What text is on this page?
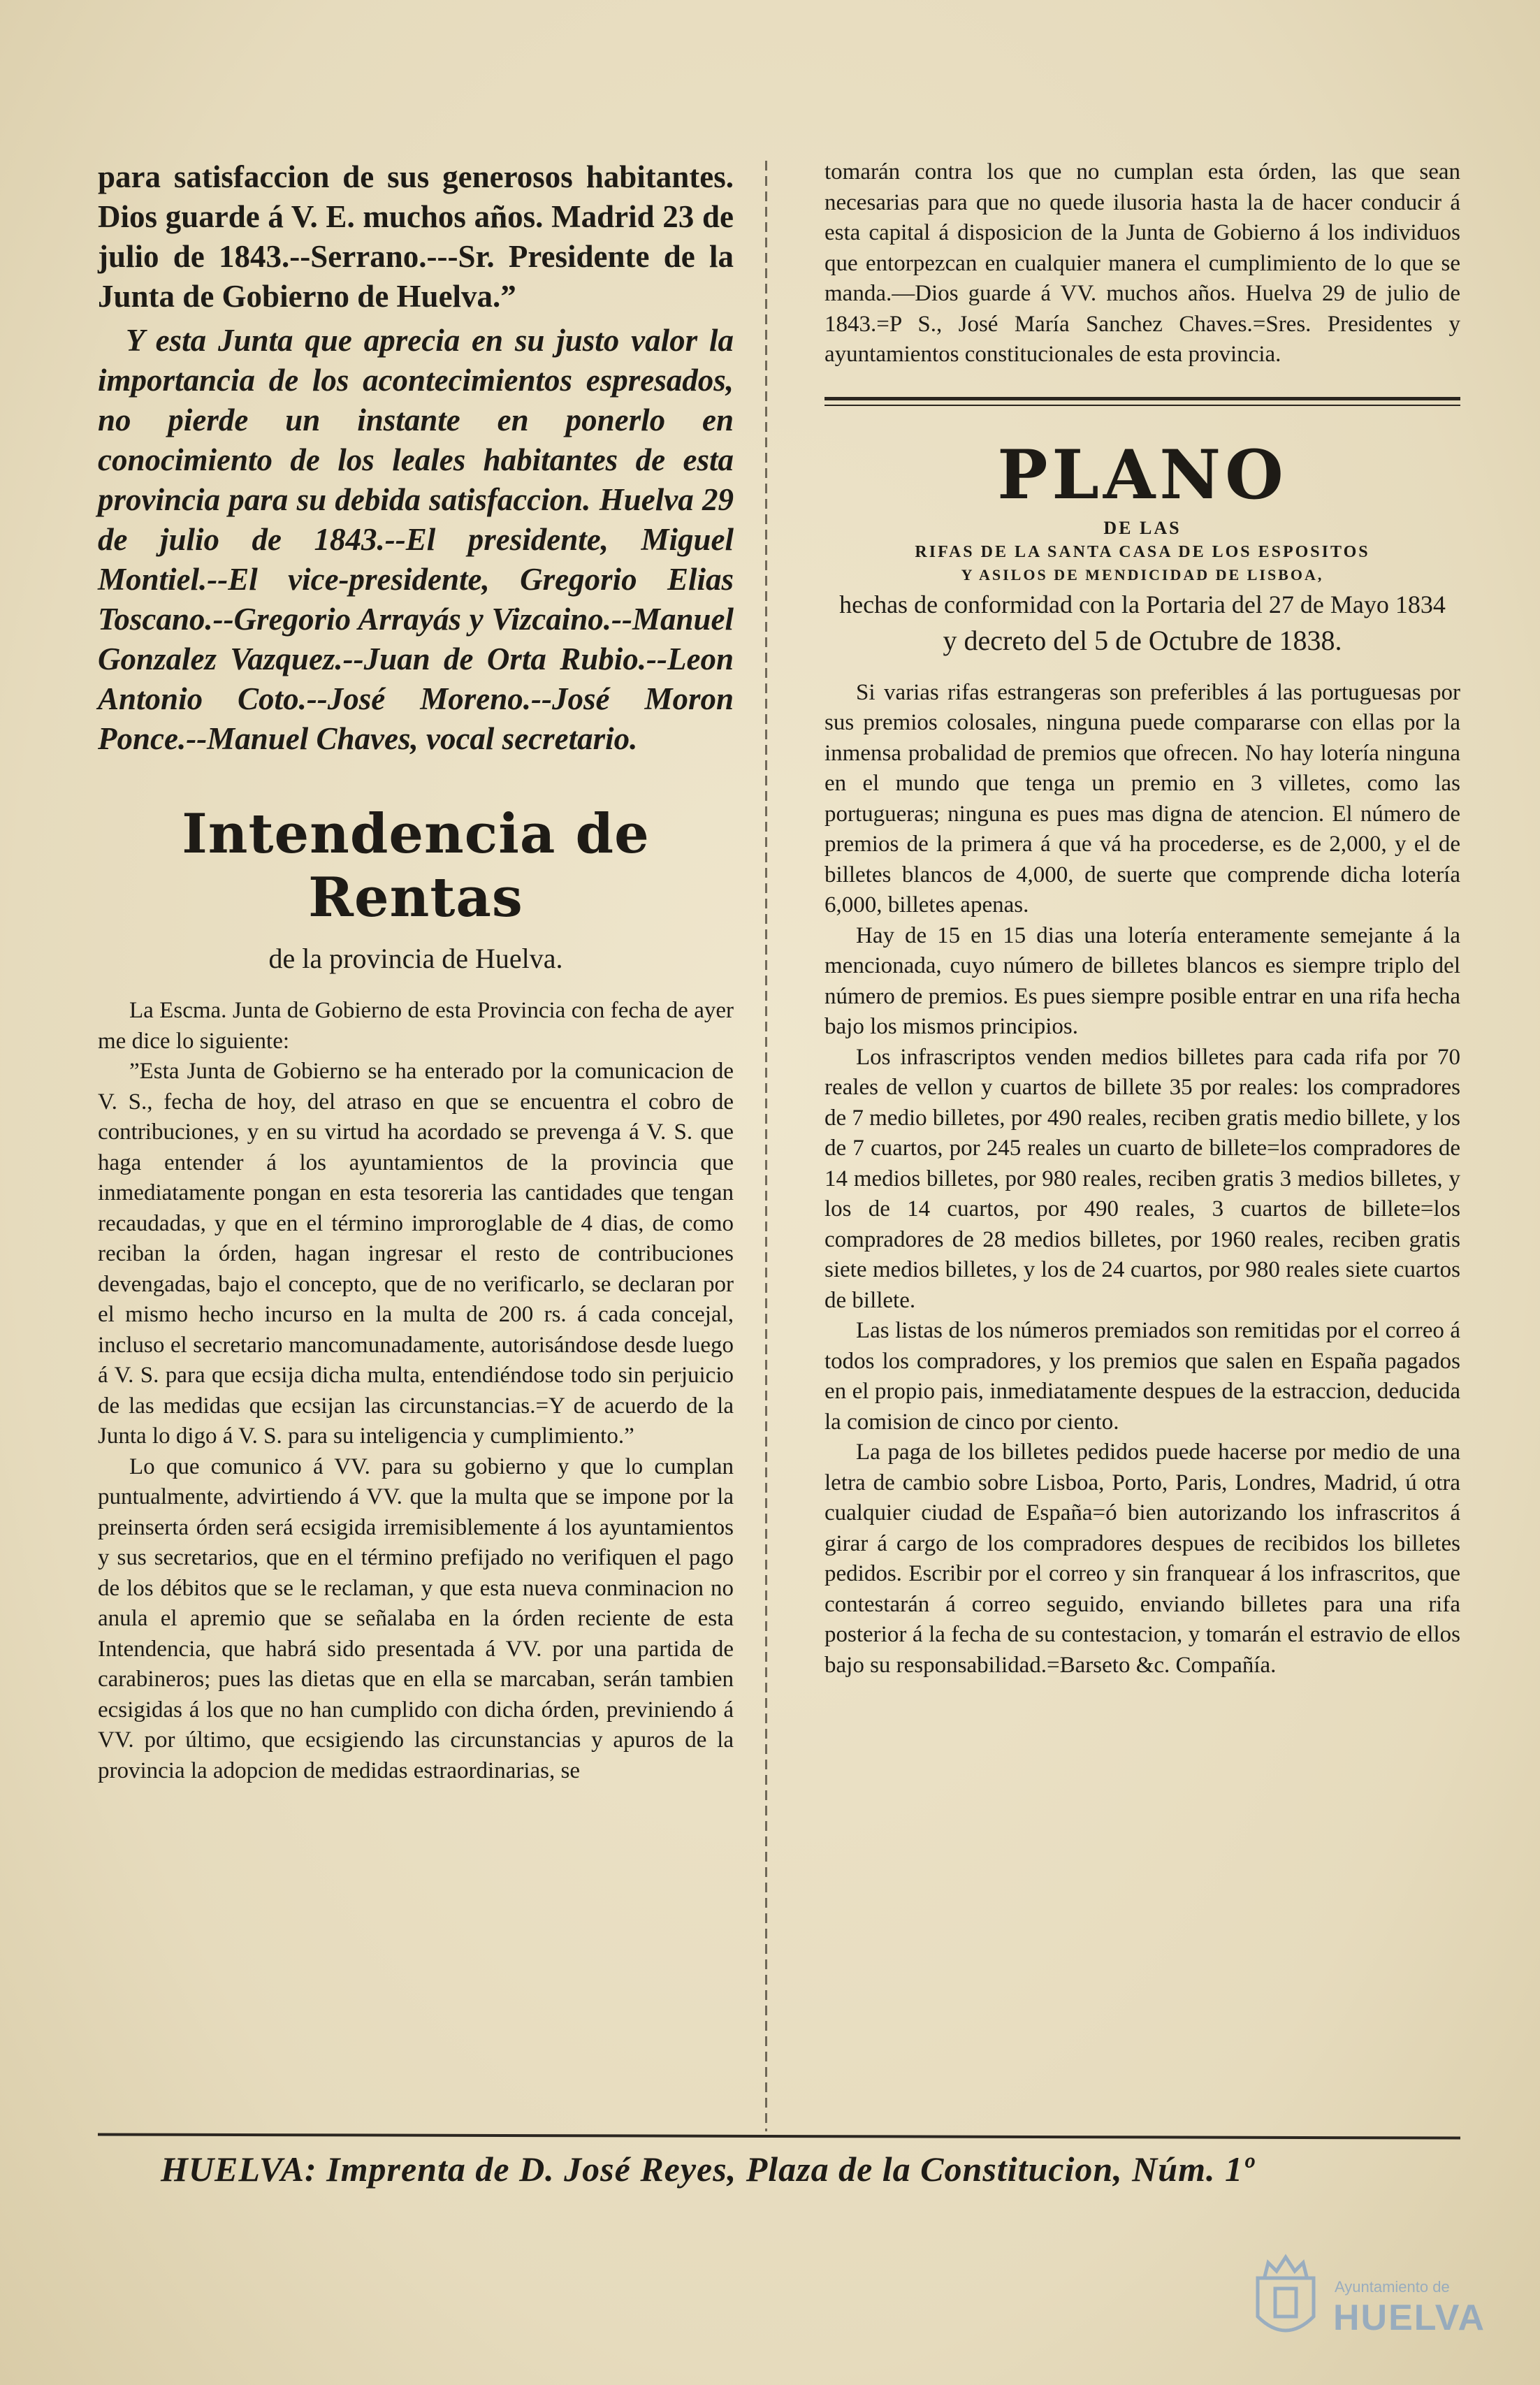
para satisfaccion de sus generosos habitantes. Dios guarde á V. E. muchos años. Madrid 23 de julio de 1843.--Serrano.---Sr. Presidente de la Junta de Gobierno de Huelva.”

Y esta Junta que aprecia en su justo valor la importancia de los acontecimientos espresados, no pierde un instante en ponerlo en conocimiento de los leales habitantes de esta provincia para su debida satisfaccion. Huelva 29 de julio de 1843.--El presidente, Miguel Montiel.--El vice-presidente, Gregorio Elias Toscano.--Gregorio Arrayás y Vizcaino.--Manuel Gonzalez Vazquez.--Juan de Orta Rubio.--Leon Antonio Coto.--José Moreno.--José Moron Ponce.--Manuel Chaves, vocal secretario.

Intendencia de Rentas
de la provincia de Huelva.

La Escma. Junta de Gobierno de esta Provincia con fecha de ayer me dice lo siguiente:

”Esta Junta de Gobierno se ha enterado por la comunicacion de V. S., fecha de hoy, del atraso en que se encuentra el cobro de contribuciones, y en su virtud ha acordado se prevenga á V. S. que haga entender á los ayuntamientos de la provincia que inmediatamente pongan en esta tesoreria las cantidades que tengan recaudadas, y que en el término improroglable de 4 dias, de como reciban la órden, hagan ingresar el resto de contribuciones devengadas, bajo el concepto, que de no verificarlo, se declaran por el mismo hecho incurso en la multa de 200 rs. á cada concejal, incluso el secretario mancomunadamente, autorisándose desde luego á V. S. para que ecsija dicha multa, entendiéndose todo sin perjuicio de las medidas que ecsijan las circunstancias.=Y de acuerdo de la Junta lo digo á V. S. para su inteligencia y cumplimiento.”

Lo que comunico á VV. para su gobierno y que lo cumplan puntualmente, advirtiendo á VV. que la multa que se impone por la preinserta órden será ecsigida irremisiblemente á los ayuntamientos y sus secretarios, que en el término prefijado no verifiquen el pago de los débitos que se le reclaman, y que esta nueva conminacion no anula el apremio que se señalaba en la órden reciente de esta Intendencia, que habrá sido presentada á VV. por una partida de carabineros; pues las dietas que en ella se marcaban, serán tambien ecsigidas á los que no han cumplido con dicha órden, previniendo á VV. por último, que ecsigiendo las circunstancias y apuros de la provincia la adopcion de medidas estraordinarias, se

tomarán contra los que no cumplan esta órden, las que sean necesarias para que no quede ilusoria hasta la de hacer conducir á esta capital á disposicion de la Junta de Gobierno á los individuos que entorpezcan en cualquier manera el cumplimiento de lo que se manda.—Dios guarde á VV. muchos años. Huelva 29 de julio de 1843.=P S., José María Sanchez Chaves.=Sres. Presidentes y ayuntamientos constitucionales de esta provincia.

PLANO
DE LAS
RIFAS DE LA SANTA CASA DE LOS ESPOSITOS
Y ASILOS DE MENDICIDAD DE LISBOA,

hechas de conformidad con la Portaria del 27 de Mayo 1834

y decreto del 5 de Octubre de 1838.

Si varias rifas estrangeras son preferibles á las portuguesas por sus premios colosales, ninguna puede compararse con ellas por la inmensa probalidad de premios que ofrecen. No hay lotería ninguna en el mundo que tenga un premio en 3 villetes, como las portugueras; ninguna es pues mas digna de atencion. El número de premios de la primera á que vá ha procederse, es de 2,000, y el de billetes blancos de 4,000, de suerte que comprende dicha lotería 6,000, billetes apenas.

Hay de 15 en 15 dias una lotería enteramente semejante á la mencionada, cuyo número de billetes blancos es siempre triplo del número de premios. Es pues siempre posible entrar en una rifa hecha bajo los mismos principios.

Los infrascriptos venden medios billetes para cada rifa por 70 reales de vellon y cuartos de billete 35 por reales: los compradores de 7 medio billetes, por 490 reales, reciben gratis medio billete, y los de 7 cuartos, por 245 reales un cuarto de billete=los compradores de 14 medios billetes, por 980 reales, reciben gratis 3 medios billetes, y los de 14 cuartos, por 490 reales, 3 cuartos de billete=los compradores de 28 medios billetes, por 1960 reales, reciben gratis siete medios billetes, y los de 24 cuartos, por 980 reales siete cuartos de billete.

Las listas de los números premiados son remitidas por el correo á todos los compradores, y los premios que salen en España pagados en el propio pais, inmediatamente despues de la estraccion, deducida la comision de cinco por ciento.

La paga de los billetes pedidos puede hacerse por medio de una letra de cambio sobre Lisboa, Porto, Paris, Londres, Madrid, ú otra cualquier ciudad de España=ó bien autorizando los infrascritos á girar á cargo de los compradores despues de recibidos los billetes pedidos. Escribir por el correo y sin franquear á los infrascritos, que contestarán á correo seguido, enviando billetes para una rifa posterior á la fecha de su contestacion, y tomarán el estravio de ellos bajo su responsabilidad.=Barseto &c. Compañía.

HUELVA: Imprenta de D. José Reyes, Plaza de la Constitucion, Núm. 1º
Ayuntamiento de
HUELVA
